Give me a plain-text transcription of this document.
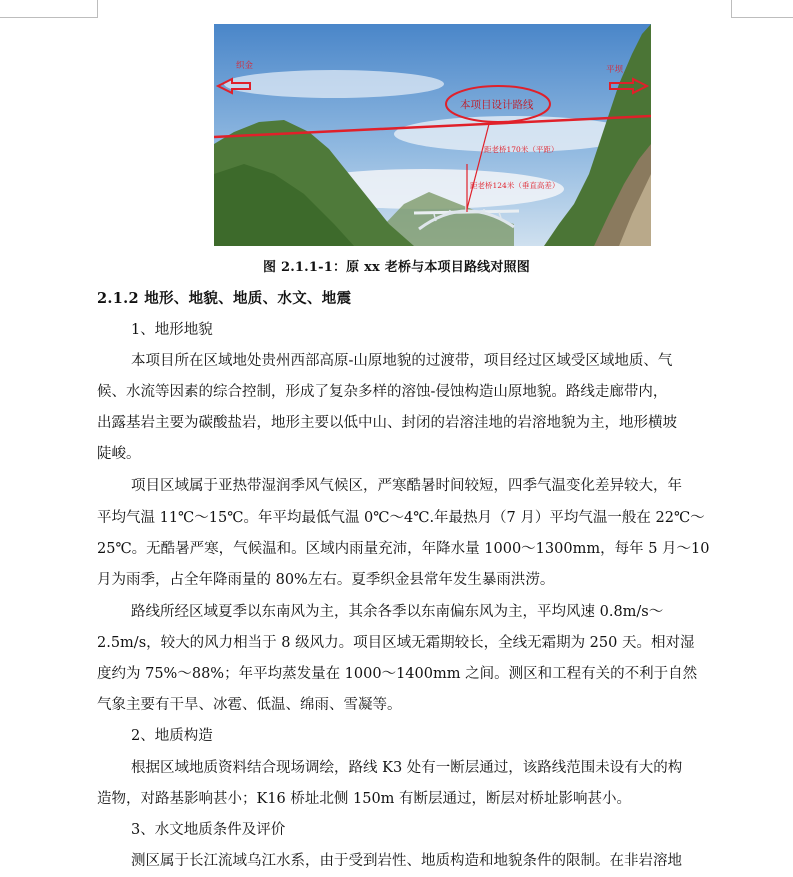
本项目设计路线
织金	平坝
距老桥170米（平距）
距老桥124米（垂直高差）
图 2.1.1-1：原 xx 老桥与本项目路线对照图
2.1.2 地形、地貌、地质、水文、地震
1、地形地貌
本项目所在区域地处贵州西部高原-山原地貌的过渡带，项目经过区域受区域地质、气
候、水流等因素的综合控制，形成了复杂多样的溶蚀-侵蚀构造山原地貌。路线走廊带内，
出露基岩主要为碳酸盐岩，地形主要以低中山、封闭的岩溶洼地的岩溶地貌为主，地形横坡
陡峻。
项目区域属于亚热带湿润季风气候区，严寒酷暑时间较短，四季气温变化差异较大，年
平均气温 11℃～15℃。年平均最低气温 0℃～4℃.年最热月（7 月）平均气温一般在 22℃～
25℃。无酷暑严寒，气候温和。区域内雨量充沛，年降水量 1000～1300mm，每年 5 月～10
月为雨季，占全年降雨量的 80%左右。夏季织金县常年发生暴雨洪涝。
路线所经区域夏季以东南风为主，其余各季以东南偏东风为主，平均风速 0.8m/s～
2.5m/s，较大的风力相当于 8 级风力。项目区域无霜期较长，全线无霜期为 250 天。相对湿
度约为 75%～88%；年平均蒸发量在 1000～1400mm 之间。测区和工程有关的不利于自然
气象主要有干旱、冰雹、低温、绵雨、雪凝等。
2、地质构造
根据区域地质资料结合现场调绘，路线 K3 处有一断层通过，该路线范围未设有大的构
造物，对路基影响甚小；K16 桥址北侧 150m 有断层通过，断层对桥址影响甚小。
3、水文地质条件及评价
测区属于长江流域乌江水系，由于受到岩性、地质构造和地貌条件的限制。在非岩溶地
